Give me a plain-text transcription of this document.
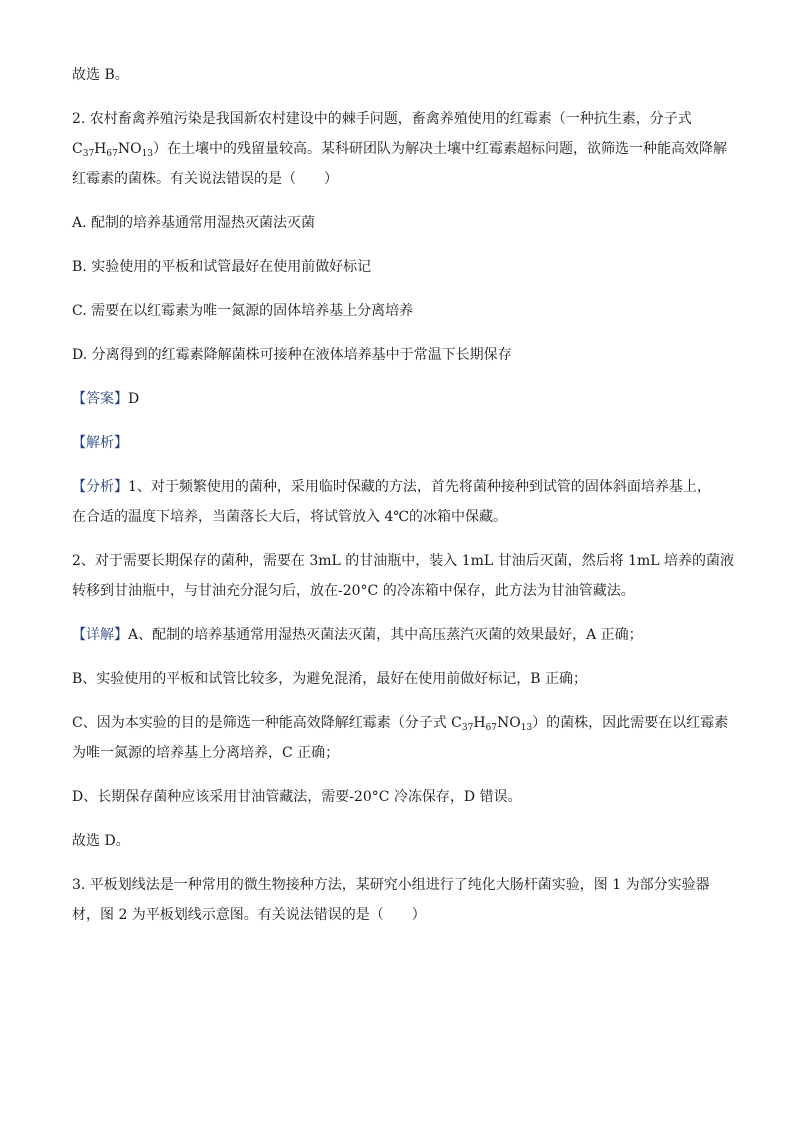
故选 B。

2. 农村畜禽养殖污染是我国新农村建设中的棘手问题，畜禽养殖使用的红霉素（一种抗生素，分子式

$C_{37}H_{67}NO_{13}$）在土壤中的残留量较高。某科研团队为解决土壤中红霉素超标问题，欲筛选一种能高效降解

红霉素的菌株。有关说法错误的是（　　）

A. 配制的培养基通常用湿热灭菌法灭菌

B. 实验使用的平板和试管最好在使用前做好标记

C. 需要在以红霉素为唯一氮源的固体培养基上分离培养

D. 分离得到的红霉素降解菌株可接种在液体培养基中于常温下长期保存

【答案】D

【解析】

【分析】1、对于频繁使用的菌种，采用临时保藏的方法，首先将菌种接种到试管的固体斜面培养基上，

在合适的温度下培养，当菌落长大后，将试管放入 4℃的冰箱中保藏。

2、对于需要长期保存的菌种，需要在 3mL 的甘油瓶中，装入 1mL 甘油后灭菌，然后将 1mL 培养的菌液

转移到甘油瓶中，与甘油充分混匀后，放在-20°C 的冷冻箱中保存，此方法为甘油管藏法。

【详解】A、配制的培养基通常用湿热灭菌法灭菌，其中高压蒸汽灭菌的效果最好，A 正确；

B、实验使用的平板和试管比较多，为避免混淆，最好在使用前做好标记，B 正确；

C、因为本实验的目的是筛选一种能高效降解红霉素（分子式 $C_{37}H_{67}NO_{13}$）的菌株，因此需要在以红霉素

为唯一氮源的培养基上分离培养，C 正确；

D、长期保存菌种应该采用甘油管藏法，需要-20°C 冷冻保存，D 错误。

故选 D。

3. 平板划线法是一种常用的微生物接种方法，某研究小组进行了纯化大肠杆菌实验，图 1 为部分实验器

材，图 2 为平板划线示意图。有关说法错误的是（　　）
